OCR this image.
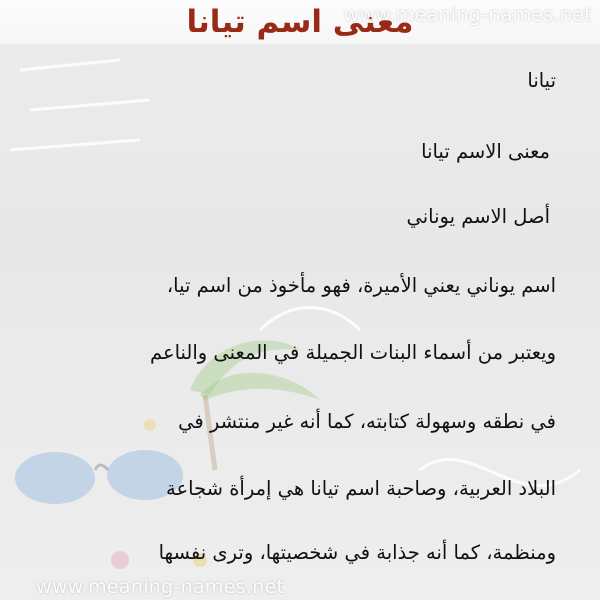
www.meaning-names.net
معنى اسم تيانا
تيانا
معنى الاسم تيانا
أصل الاسم يوناني
اسم يوناني يعني الأميرة، فهو مأخوذ من اسم تيا،
ويعتبر من أسماء البنات الجميلة في المعنى والناعم
في نطقه وسهولة كتابته، كما أنه غير منتشر في
البلاد العربية، وصاحبة اسم تيانا هي إمرأة شجاعة
ومنظمة، كما أنه جذابة في شخصيتها، وترى نفسها
www.meaning-names.net
